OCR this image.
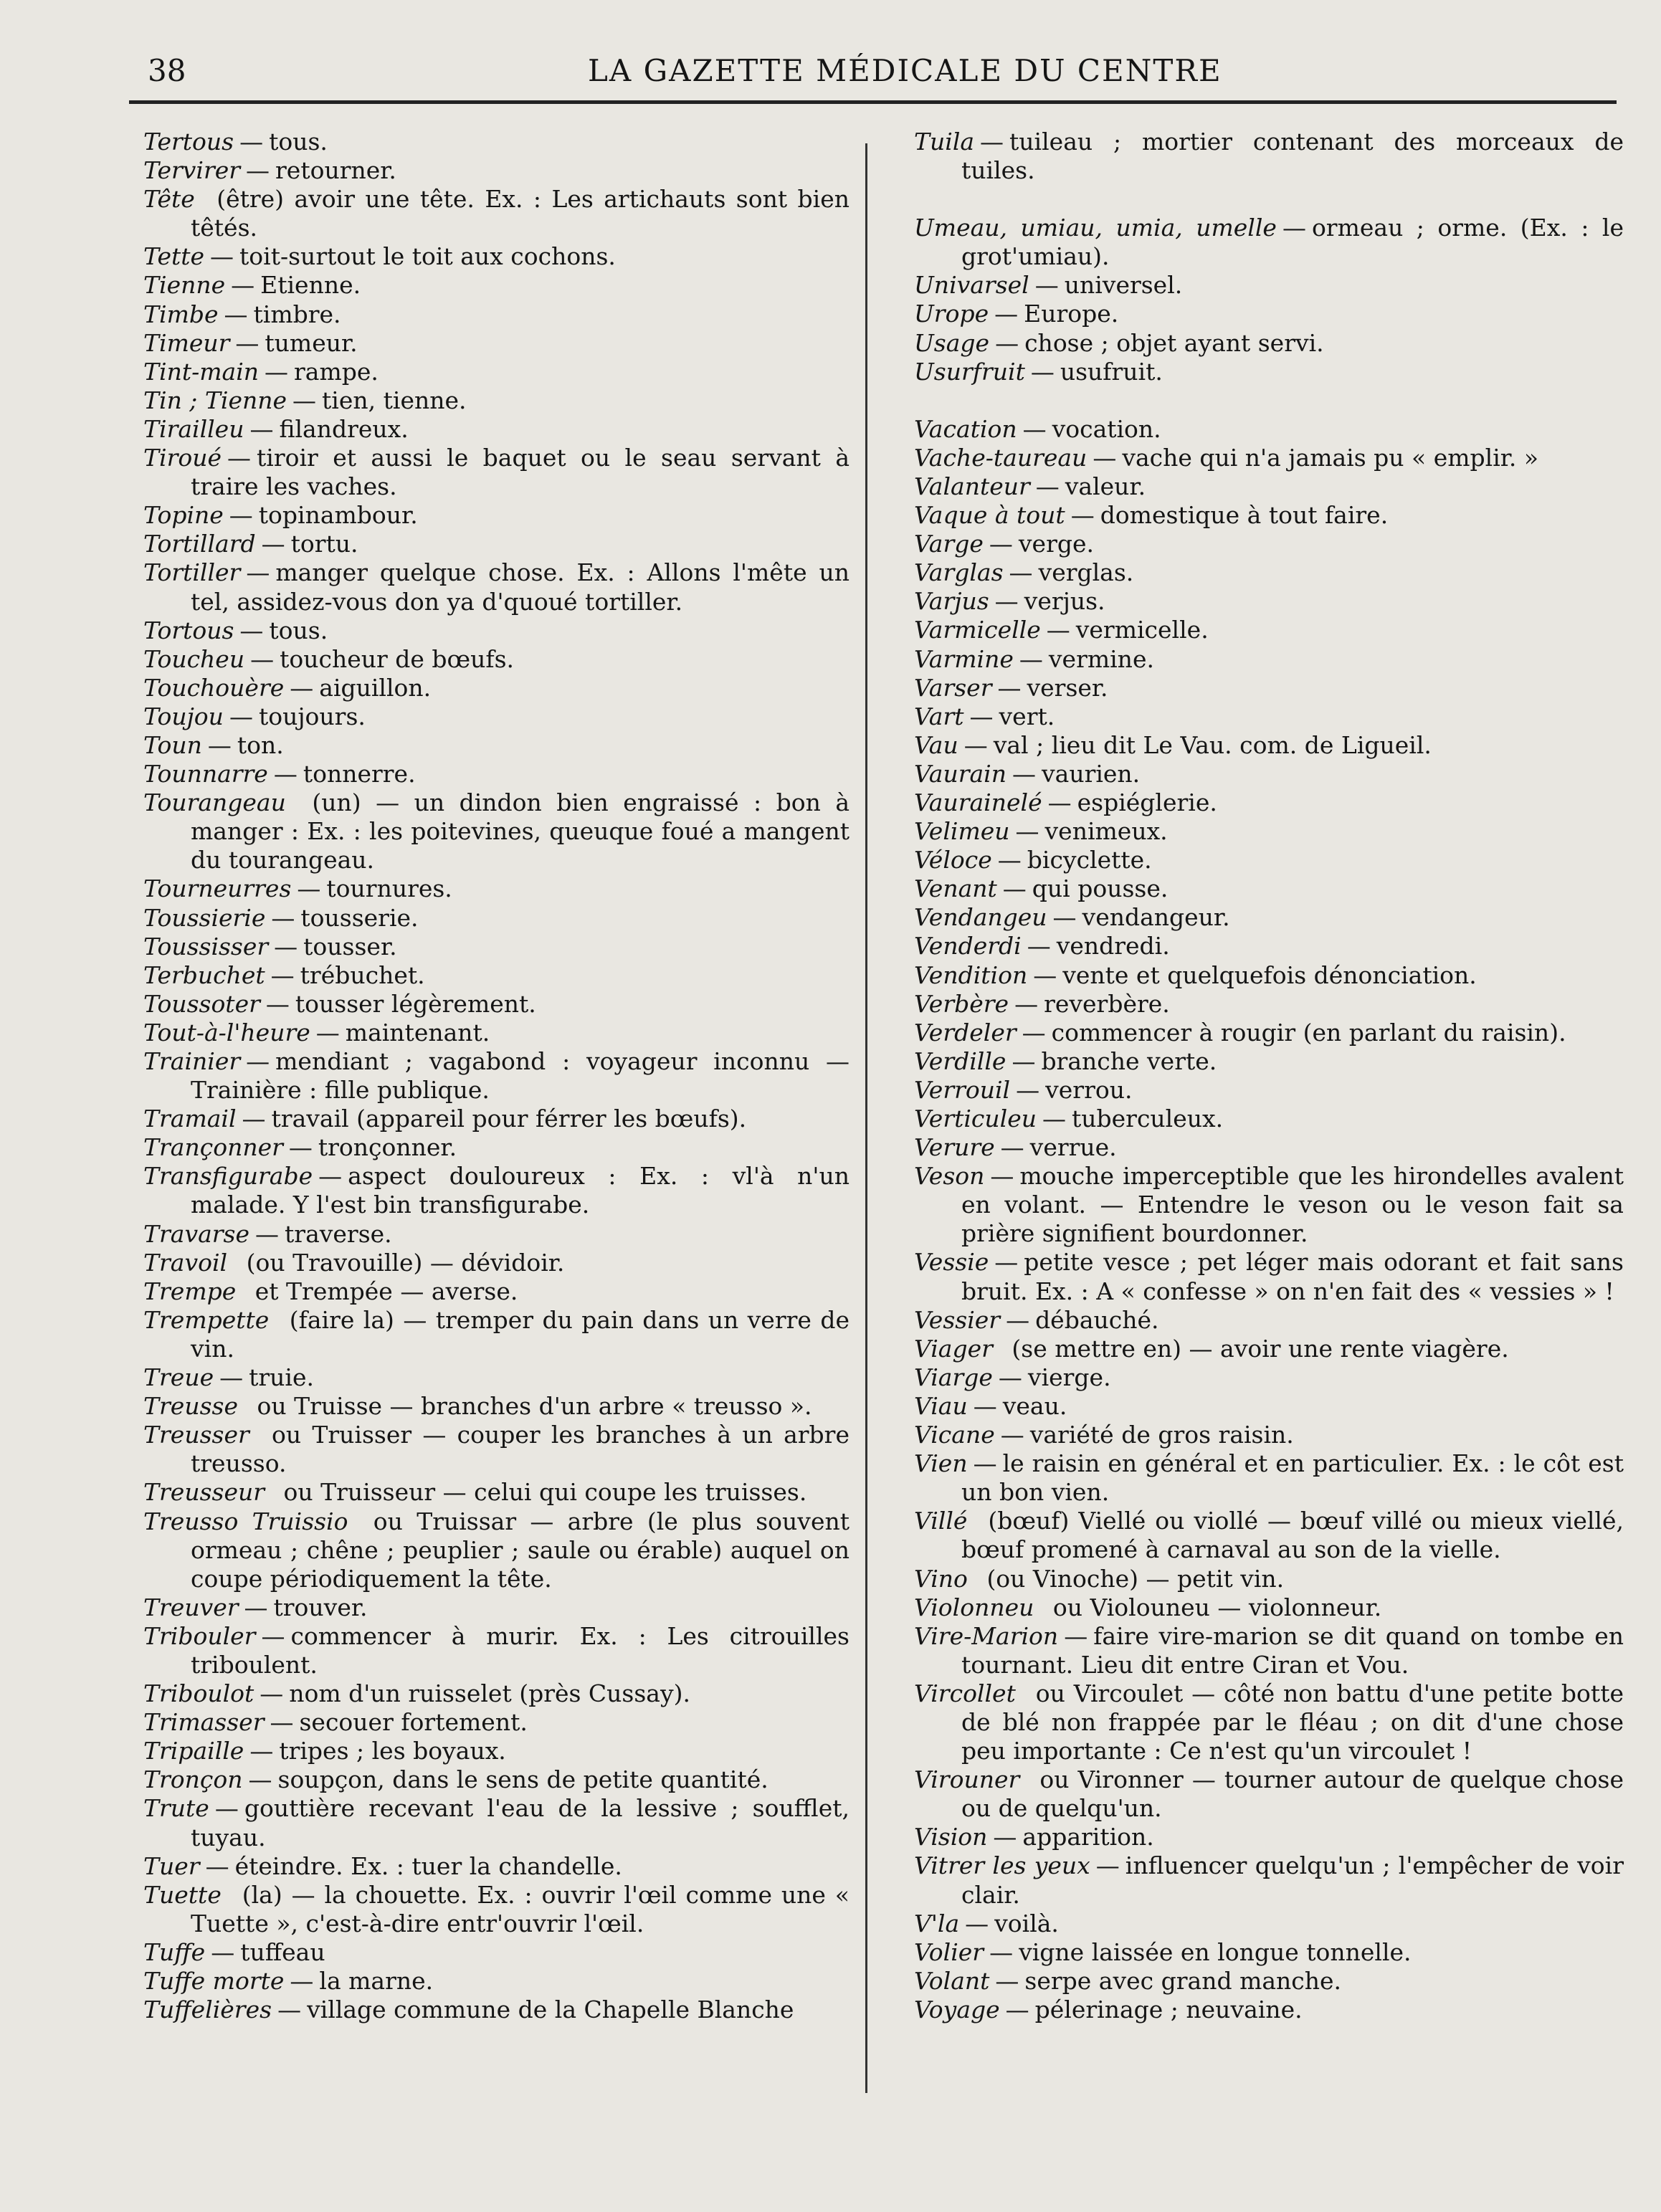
38	LA GAZETTE MÉDICALE DU CENTRE

Tertous — tous.

Tervirer — retourner.

Tête (être) avoir une tête. Ex. : Les artichauts sont bien têtés.

Tette — toit-surtout le toit aux cochons.

Tienne — Etienne.

Timbe — timbre.

Timeur — tumeur.

Tint-main — rampe.

Tin ; Tienne — tien, tienne.

Tirailleu — filandreux.

Tiroué — tiroir et aussi le baquet ou le seau servant à traire les vaches.

Topine — topinambour.

Tortillard — tortu.

Tortiller — manger quelque chose. Ex. : Allons l'mête un tel, assidez-vous don ya d'quoué tortiller.

Tortous — tous.

Toucheu — toucheur de bœufs.

Touchouère — aiguillon.

Toujou — toujours.

Toun — ton.

Tounnarre — tonnerre.

Tourangeau (un) — un dindon bien engraissé : bon à manger : Ex. : les poitevines, queuque foué a mangent du tourangeau.

Tourneurres — tournures.

Toussierie — tousserie.

Toussisser — tousser.

Terbuchet — trébuchet.

Toussoter — tousser légèrement.

Tout-à-l'heure — maintenant.

Trainier — mendiant ; vagabond : voyageur inconnu — Trainière : fille publique.

Tramail — travail (appareil pour férrer les bœufs).

Trançonner — tronçonner.

Transfigurabe — aspect douloureux : Ex. : vl'à n'un malade. Y l'est bin transfigurabe.

Travarse — traverse.

Travoil (ou Travouille) — dévidoir.

Trempe et Trempée — averse.

Trempette (faire la) — tremper du pain dans un verre de vin.

Treue — truie.

Treusse ou Truisse — branches d'un arbre « treusso ».

Treusser ou Truisser — couper les branches à un arbre treusso.

Treusseur ou Truisseur — celui qui coupe les truisses.

Treusso Truissio ou Truissar — arbre (le plus souvent ormeau ; chêne ; peuplier ; saule ou érable) auquel on coupe périodiquement la tête.

Treuver — trouver.

Tribouler — commencer à murir. Ex. : Les citrouilles triboulent.

Triboulot — nom d'un ruisselet (près Cussay).

Trimasser — secouer fortement.

Tripaille — tripes ; les boyaux.

Tronçon — soupçon, dans le sens de petite quantité.

Trute — gouttière recevant l'eau de la lessive ; soufflet, tuyau.

Tuer — éteindre. Ex. : tuer la chandelle.

Tuette (la) — la chouette. Ex. : ouvrir l'œil comme une « Tuette », c'est-à-dire entr'ouvrir l'œil.

Tuffe — tuffeau

Tuffe morte — la marne.

Tuffelières — village commune de la Chapelle Blanche

Tuila — tuileau ; mortier contenant des morceaux de tuiles.

Umeau, umiau, umia, umelle — ormeau ; orme. (Ex. : le grot'umiau).

Univarsel — universel.

Urope — Europe.

Usage — chose ; objet ayant servi.

Usurfruit — usufruit.

Vacation — vocation.

Vache-taureau — vache qui n'a jamais pu « emplir. »

Valanteur — valeur.

Vaque à tout — domestique à tout faire.

Varge — verge.

Varglas — verglas.

Varjus — verjus.

Varmicelle — vermicelle.

Varmine — vermine.

Varser — verser.

Vart — vert.

Vau — val ; lieu dit Le Vau. com. de Ligueil.

Vaurain — vaurien.

Vaurainelé — espiéglerie.

Velimeu — venimeux.

Véloce — bicyclette.

Venant — qui pousse.

Vendangeu — vendangeur.

Venderdi — vendredi.

Vendition — vente et quelquefois dénonciation.

Verbère — reverbère.

Verdeler — commencer à rougir (en parlant du raisin).

Verdille — branche verte.

Verrouil — verrou.

Verticuleu — tuberculeux.

Verure — verrue.

Veson — mouche imperceptible que les hirondelles avalent en volant. — Entendre le veson ou le veson fait sa prière signifient bourdonner.

Vessie — petite vesce ; pet léger mais odorant et fait sans bruit. Ex. : A « confesse » on n'en fait des « vessies » !

Vessier — débauché.

Viager (se mettre en) — avoir une rente viagère.

Viarge — vierge.

Viau — veau.

Vicane — variété de gros raisin.

Vien — le raisin en général et en particulier. Ex. : le côt est un bon vien.

Villé (bœuf) Viellé ou viollé — bœuf villé ou mieux viellé, bœuf promené à carnaval au son de la vielle.

Vino (ou Vinoche) — petit vin.

Violonneu ou Violouneu — violonneur.

Vire-Marion — faire vire-marion se dit quand on tombe en tournant. Lieu dit entre Ciran et Vou.

Vircollet ou Vircoulet — côté non battu d'une petite botte de blé non frappée par le fléau ; on dit d'une chose peu importante : Ce n'est qu'un vircoulet !

Virouner ou Vironner — tourner autour de quelque chose ou de quelqu'un.

Vision — apparition.

Vitrer les yeux — influencer quelqu'un ; l'empêcher de voir clair.

V'la — voilà.

Volier — vigne laissée en longue tonnelle.

Volant — serpe avec grand manche.

Voyage — pélerinage ; neuvaine.
